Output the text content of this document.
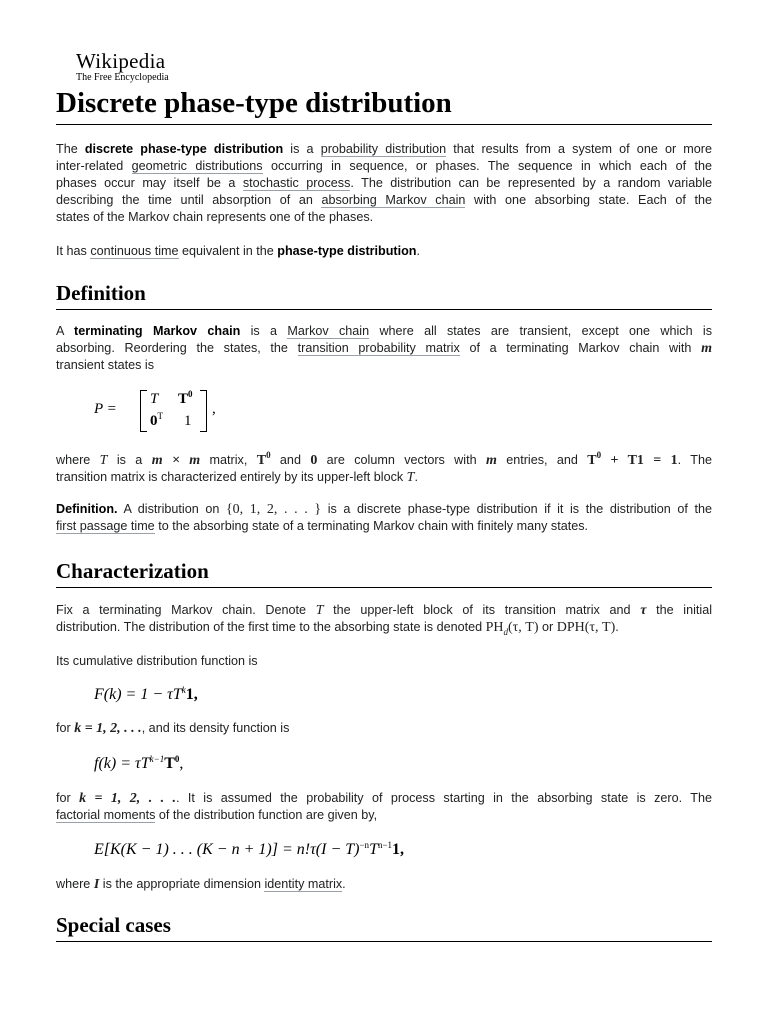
Wikipedia
The Free Encyclopedia
Discrete phase-type distribution
The discrete phase-type distribution is a probability distribution that results from a system of one or more
inter-related geometric distributions occurring in sequence, or phases. The sequence in which each of the
phases occur may itself be a stochastic process. The distribution can be represented by a random variable
describing the time until absorption of an absorbing Markov chain with one absorbing state. Each of the
states of the Markov chain represents one of the phases.
It has continuous time equivalent in the phase-type distribution.
Definition
A terminating Markov chain is a Markov chain where all states are transient, except one which is
absorbing. Reordering the states, the transition probability matrix of a terminating Markov chain with m
transient states is
P =
T $T^0$
$0^T$ 1
,
where T is a m × m matrix, $T^0$ and 0 are column vectors with m entries, and $T^0 + T1 = 1$. The
transition matrix is characterized entirely by its upper-left block T.
Definition. A distribution on {0, 1, 2, . . . } is a discrete phase-type distribution if it is the distribution of the
first passage time to the absorbing state of a terminating Markov chain with finitely many states.
Characterization
Fix a terminating Markov chain. Denote T the upper-left block of its transition matrix and τ the initial
distribution. The distribution of the first time to the absorbing state is denoted $PH_d(\tau$, T) or DPH(τ, T).
Its cumulative distribution function is
$F(k) = 1 - \tau T^k1$,
for k = 1, 2, . . ., and its density function is
$f(k) = \tau T^{k-1}T^0$,
for k = 1, 2, . . .. It is assumed the probability of process starting in the absorbing state is zero. The
factorial moments of the distribution function are given by,
E[K(K − 1) . . . $(K - n + 1)] = n!\tau(I - T)^{-n}T^{n-1}1$,
where I is the appropriate dimension identity matrix.
Special cases
